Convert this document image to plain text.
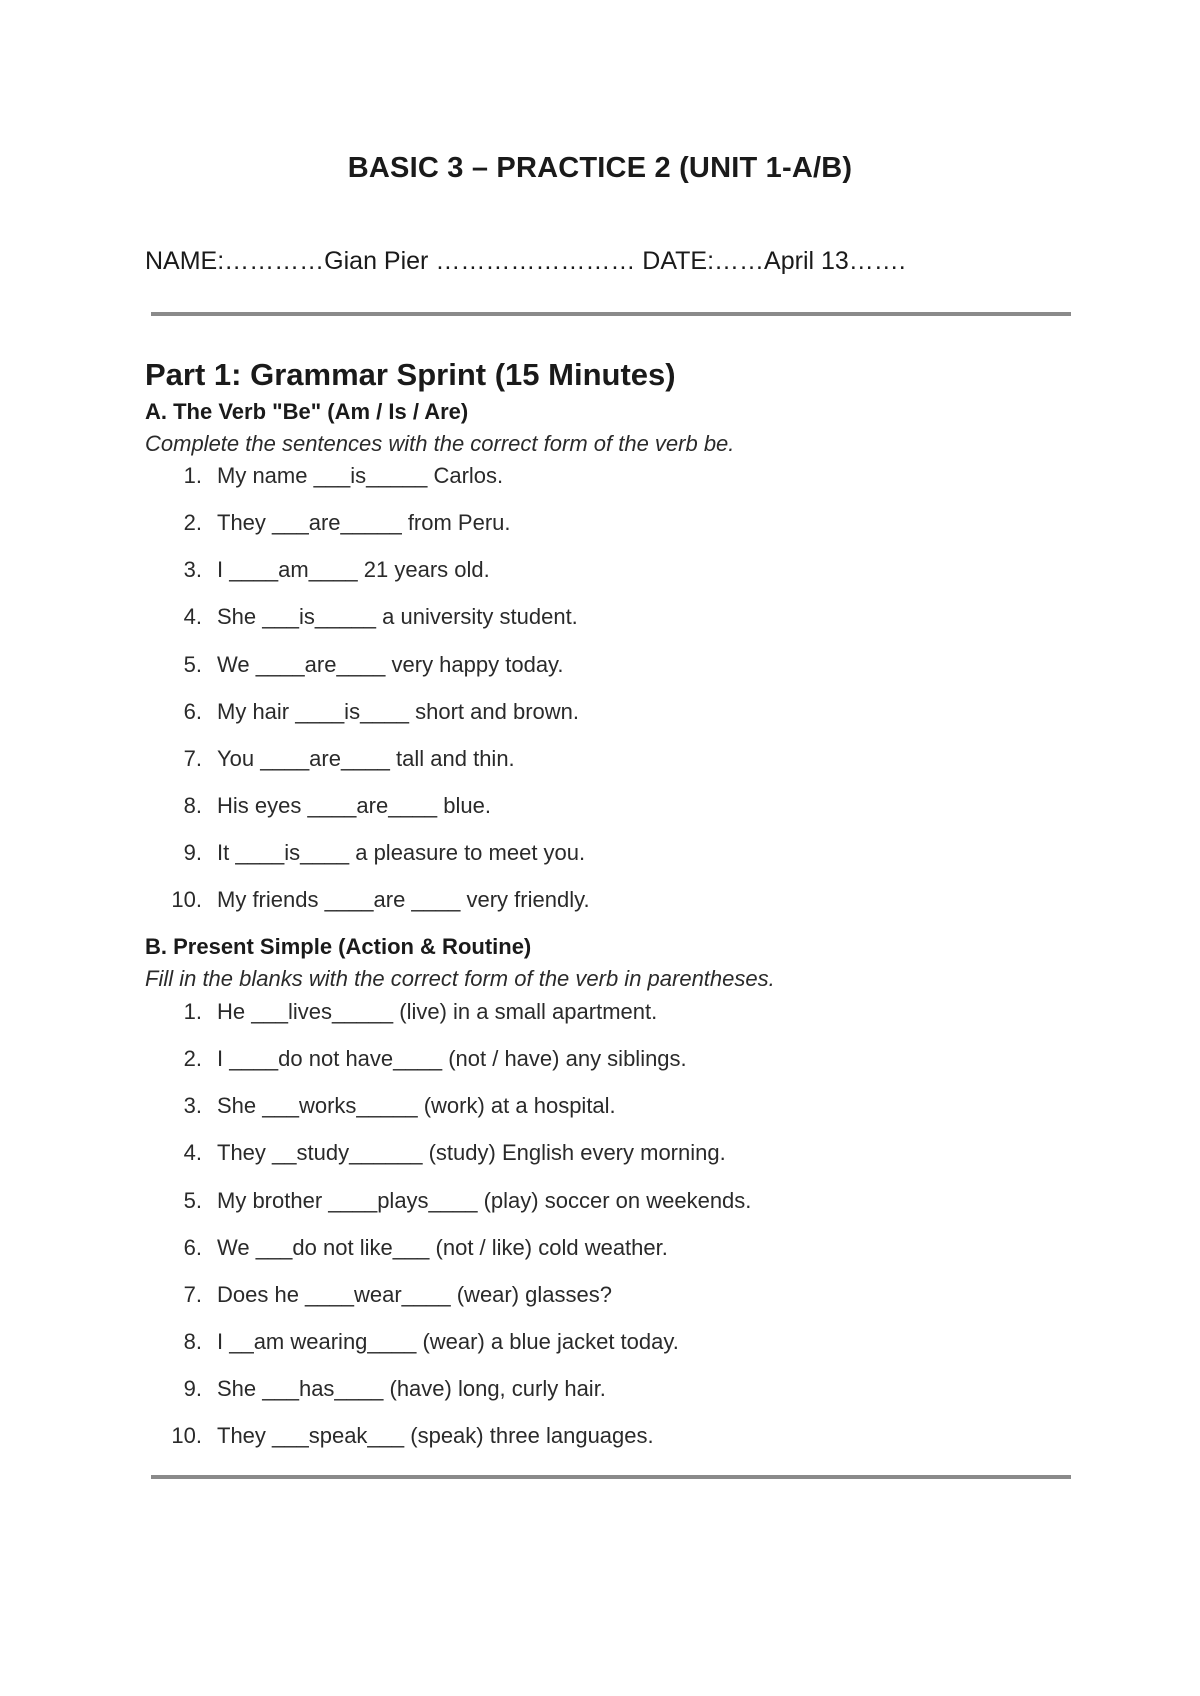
BASIC 3 – PRACTICE 2 (UNIT 1-A/B)
NAME:…………Gian Pier …………………… DATE:……April 13…….
Part 1: Grammar Sprint (15 Minutes)
A. The Verb "Be" (Am / Is / Are)
Complete the sentences with the correct form of the verb be.
1. My name ___is_____ Carlos.
2. They ___are_____ from Peru.
3. I ____am____ 21 years old.
4. She ___is_____ a university student.
5. We ____are____ very happy today.
6. My hair ____is____ short and brown.
7. You ____are____ tall and thin.
8. His eyes ____are____ blue.
9. It ____is____ a pleasure to meet you.
10. My friends ____are ____ very friendly.
B. Present Simple (Action & Routine)
Fill in the blanks with the correct form of the verb in parentheses.
1. He ___lives_____ (live) in a small apartment.
2. I ____do not have____ (not / have) any siblings.
3. She ___works_____ (work) at a hospital.
4. They __study______ (study) English every morning.
5. My brother ____plays____ (play) soccer on weekends.
6. We ___do not like___ (not / like) cold weather.
7. Does he ____wear____ (wear) glasses?
8. I __am wearing____ (wear) a blue jacket today.
9. She ___has____ (have) long, curly hair.
10. They ___speak___ (speak) three languages.
